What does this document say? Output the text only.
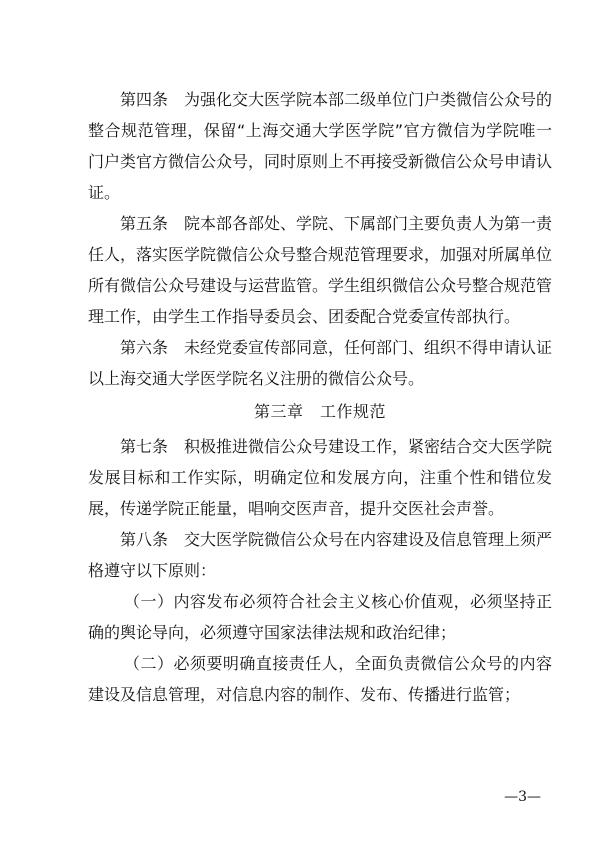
第四条　为强化交大医学院本部二级单位门户类微信公众号的整合规范管理，保留“上海交通大学医学院”官方微信为学院唯一门户类官方微信公众号，同时原则上不再接受新微信公众号申请认证。

第五条　院本部各部处、学院、下属部门主要负责人为第一责任人，落实医学院微信公众号整合规范管理要求，加强对所属单位所有微信公众号建设与运营监管。学生组织微信公众号整合规范管理工作，由学生工作指导委员会、团委配合党委宣传部执行。

第六条　未经党委宣传部同意，任何部门、组织不得申请认证以上海交通大学医学院名义注册的微信公众号。

第三章　工作规范

第七条　积极推进微信公众号建设工作，紧密结合交大医学院发展目标和工作实际，明确定位和发展方向，注重个性和错位发展，传递学院正能量，唱响交医声音，提升交医社会声誉。

第八条　交大医学院微信公众号在内容建设及信息管理上须严格遵守以下原则：

（一）内容发布必须符合社会主义核心价值观，必须坚持正确的舆论导向，必须遵守国家法律法规和政治纪律；

（二）必须要明确直接责任人，全面负责微信公众号的内容建设及信息管理，对信息内容的制作、发布、传播进行监管；

—3—
